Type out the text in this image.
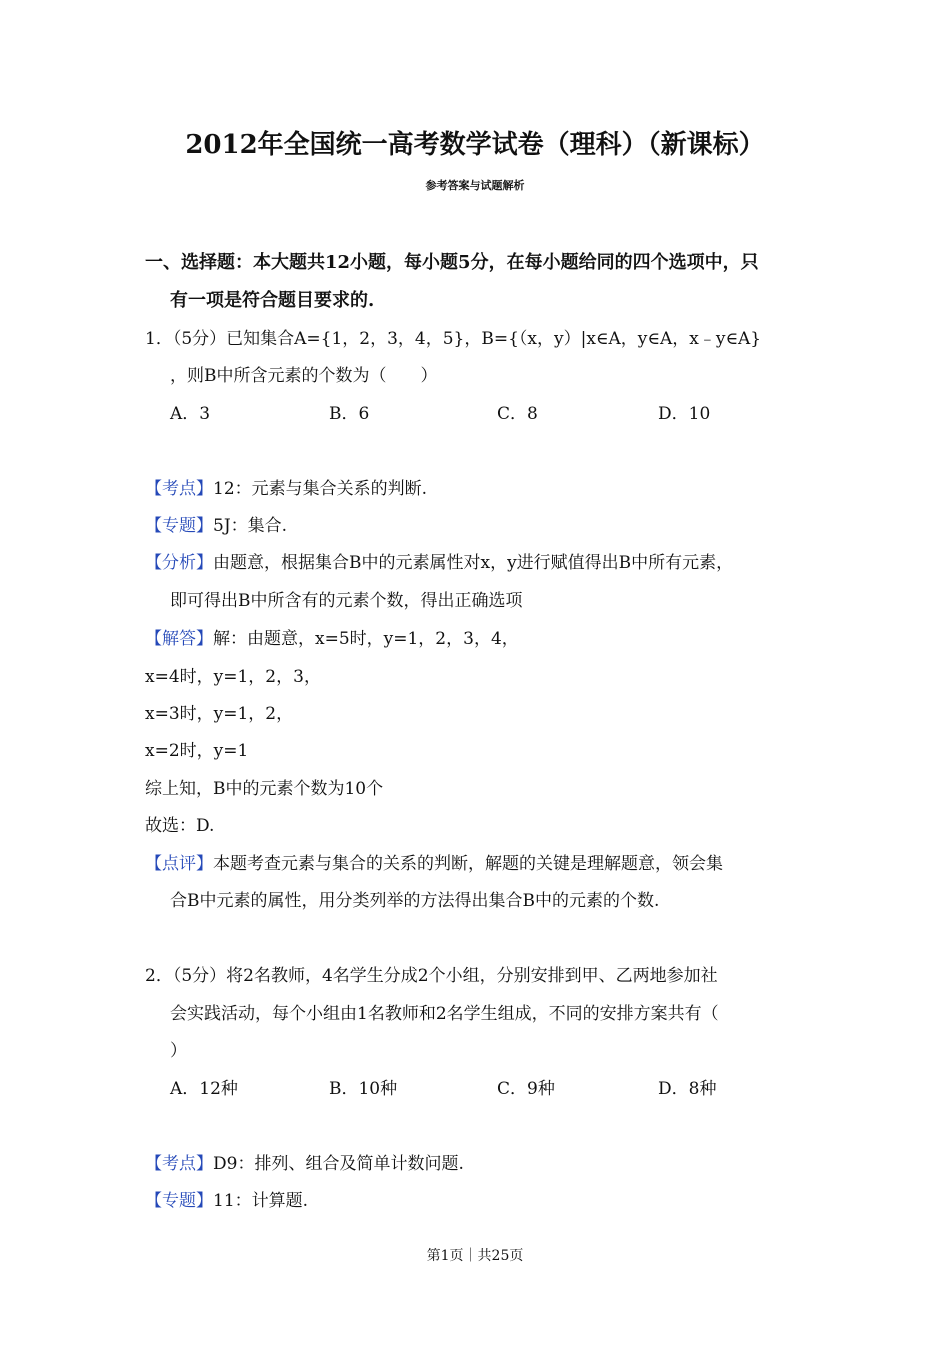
2012年全国统一高考数学试卷（理科）（新课标）
参考答案与试题解析
一、选择题：本大题共12小题，每小题5分，在每小题给同的四个选项中，只
有一项是符合题目要求的.
1．（5分）已知集合A={1，2，3，4，5}，B={（x，y）|x∈A，y∈A，x﹣y∈A}
，则B中所含元素的个数为（　　）
A．3	B．6	C．8	D．10
【考点】12：元素与集合关系的判断.
【专题】5J：集合.
【分析】由题意，根据集合B中的元素属性对x，y进行赋值得出B中所有元素，
即可得出B中所含有的元素个数，得出正确选项
【解答】解：由题意，x=5时，y=1，2，3，4，
x=4时，y=1，2，3，
x=3时，y=1，2，
x=2时，y=1
综上知，B中的元素个数为10个
故选：D.
【点评】本题考查元素与集合的关系的判断，解题的关键是理解题意，领会集
合B中元素的属性，用分类列举的方法得出集合B中的元素的个数.
2．（5分）将2名教师，4名学生分成2个小组，分别安排到甲、乙两地参加社
会实践活动，每个小组由1名教师和2名学生组成，不同的安排方案共有（
）
A．12种	B．10种	C．9种	D．8种
【考点】D9：排列、组合及简单计数问题.
【专题】11：计算题.
第1页｜共25页
